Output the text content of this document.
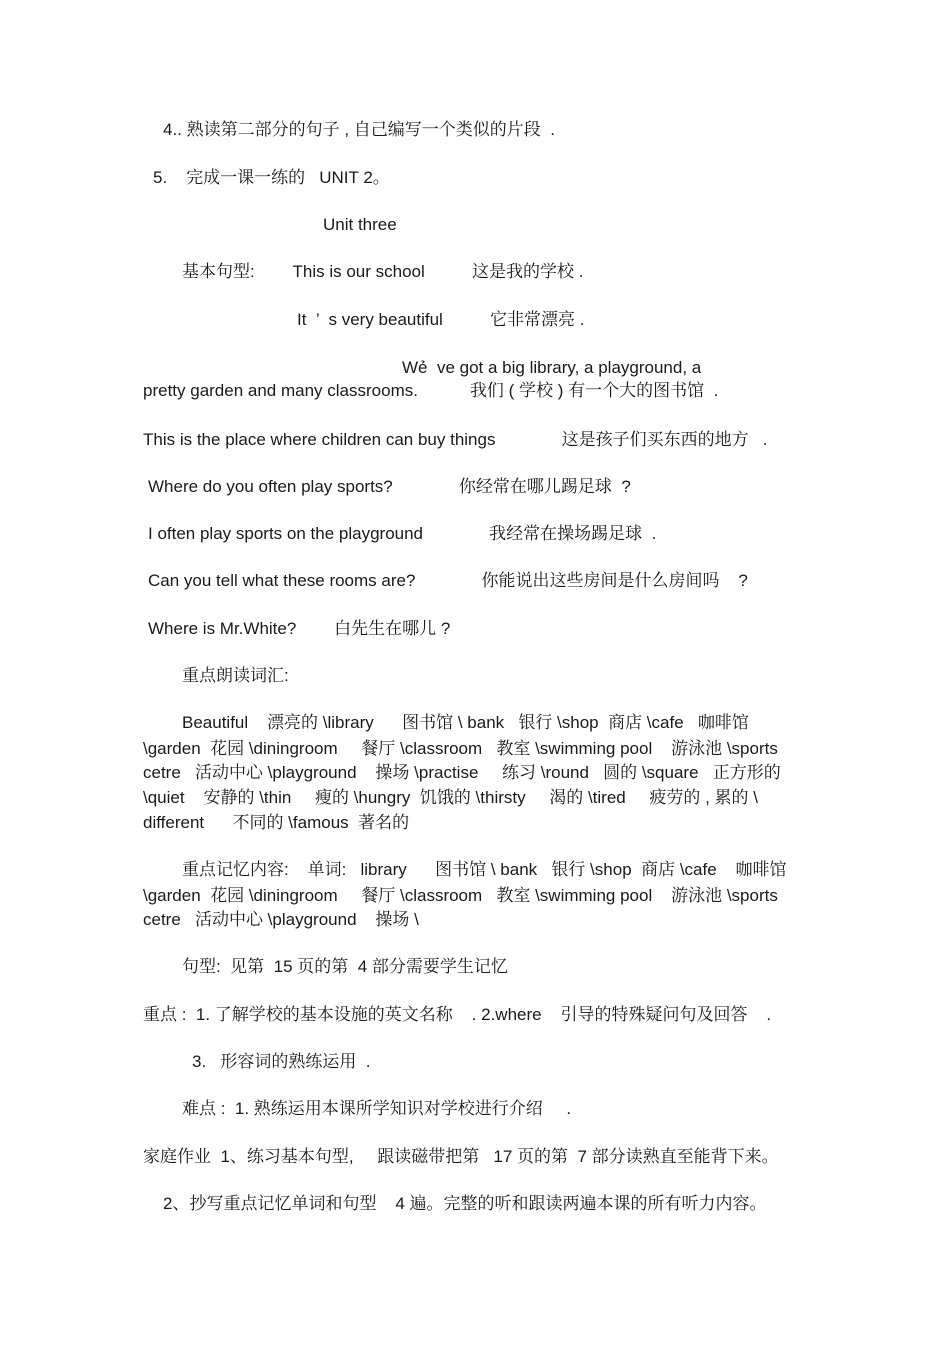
4.. 熟读第二部分的句子 , 自己编写一个类似的片段  .
5.    完成一课一练的   UNIT 2。
Unit three
基本句型:        This is our school          这是我的学校 .
It  ’  s very beautiful          它非常漂亮 .
Wẻ  ve got a big library, a playground, a
pretty garden and many classrooms.           我们 ( 学校 ) 有一个大的图书馆  .
This is the place where children can buy things              这是孩子们买东西的地方   .
Where do you often play sports?              你经常在哪儿踢足球  ?
I often play sports on the playground              我经常在操场踢足球  .
Can you tell what these rooms are?              你能说出这些房间是什么房间吗    ?
Where is Mr.White?        白先生在哪儿 ?
重点朗读词汇:
Beautiful    漂亮的 \library      图书馆 \ bank   银行 \shop  商店 \cafe   咖啡馆
\garden  花园 \diningroom     餐厅 \classroom   教室 \swimming pool    游泳池 \sports
cetre   活动中心 \playground    操场 \practise     练习 \round   圆的 \square   正方形的
\quiet    安静的 \thin     瘦的 \hungry  饥饿的 \thirsty     渴的 \tired     疲劳的 , 累的 \
different      不同的 \famous  著名的
重点记忆内容:    单词:   library      图书馆 \ bank   银行 \shop  商店 \cafe    咖啡馆
\garden  花园 \diningroom     餐厅 \classroom   教室 \swimming pool    游泳池 \sports
cetre   活动中心 \playground    操场 \
句型:  见第  15 页的第  4 部分需要学生记忆
重点 :  1. 了解学校的基本设施的英文名称    . 2.where    引导的特殊疑问句及回答    .
3.   形容词的熟练运用  .
难点 :  1. 熟练运用本课所学知识对学校进行介绍     .
家庭作业  1、练习基本句型,     跟读磁带把第   17 页的第  7 部分读熟直至能背下来。
2、抄写重点记忆单词和句型    4 遍。完整的听和跟读两遍本课的所有听力内容。
